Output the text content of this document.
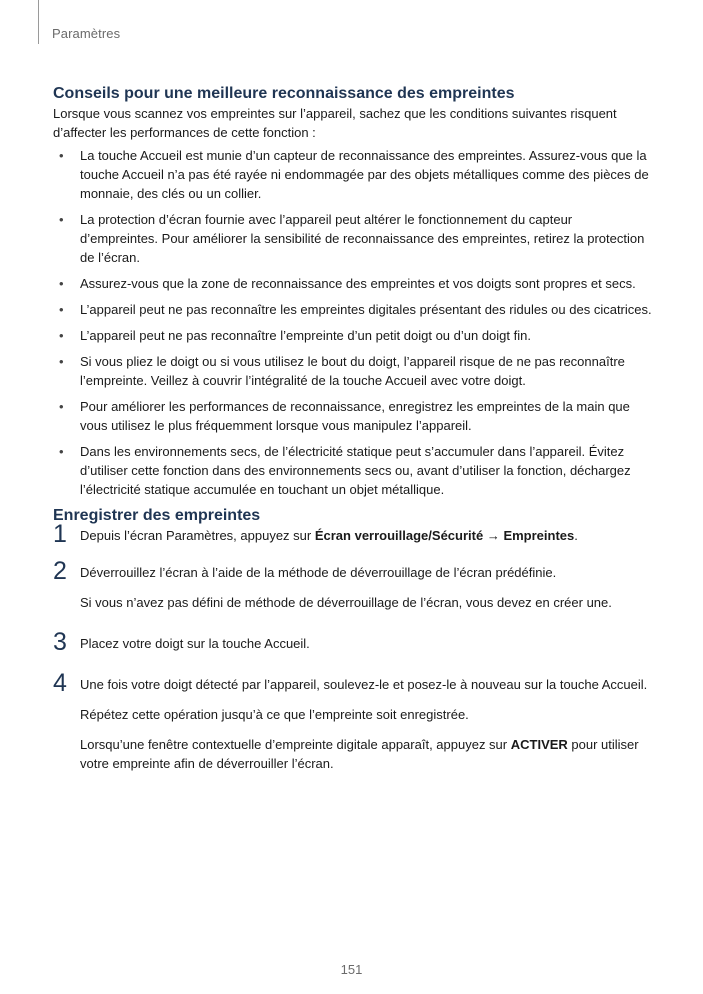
Paramètres
Conseils pour une meilleure reconnaissance des empreintes

Lorsque vous scannez vos empreintes sur l’appareil, sachez que les conditions suivantes risquent d’affecter les performances de cette fonction :

• La touche Accueil est munie d’un capteur de reconnaissance des empreintes. Assurez-vous que la touche Accueil n’a pas été rayée ni endommagée par des objets métalliques comme des pièces de monnaie, des clés ou un collier.
• La protection d’écran fournie avec l’appareil peut altérer le fonctionnement du capteur d’empreintes. Pour améliorer la sensibilité de reconnaissance des empreintes, retirez la protection de l’écran.
• Assurez-vous que la zone de reconnaissance des empreintes et vos doigts sont propres et secs.
• L’appareil peut ne pas reconnaître les empreintes digitales présentant des ridules ou des cicatrices.
• L’appareil peut ne pas reconnaître l’empreinte d’un petit doigt ou d’un doigt fin.
• Si vous pliez le doigt ou si vous utilisez le bout du doigt, l’appareil risque de ne pas reconnaître l’empreinte. Veillez à couvrir l’intégralité de la touche Accueil avec votre doigt.
• Pour améliorer les performances de reconnaissance, enregistrez les empreintes de la main que vous utilisez le plus fréquemment lorsque vous manipulez l’appareil.
• Dans les environnements secs, de l’électricité statique peut s’accumuler dans l’appareil. Évitez d’utiliser cette fonction dans des environnements secs ou, avant d’utiliser la fonction, déchargez l’électricité statique accumulée en touchant un objet métallique.
Enregistrer des empreintes
1 Depuis l’écran Paramètres, appuyez sur Écran verrouillage/Sécurité → Empreintes.

2 Déverrouillez l’écran à l’aide de la méthode de déverrouillage de l’écran prédéfinie.

Si vous n’avez pas défini de méthode de déverrouillage de l’écran, vous devez en créer une.

3 Placez votre doigt sur la touche Accueil.

4 Une fois votre doigt détecté par l’appareil, soulevez-le et posez-le à nouveau sur la touche Accueil.

Répétez cette opération jusqu’à ce que l’empreinte soit enregistrée.

Lorsqu’une fenêtre contextuelle d’empreinte digitale apparaît, appuyez sur ACTIVER pour utiliser votre empreinte afin de déverrouiller l’écran.

151
